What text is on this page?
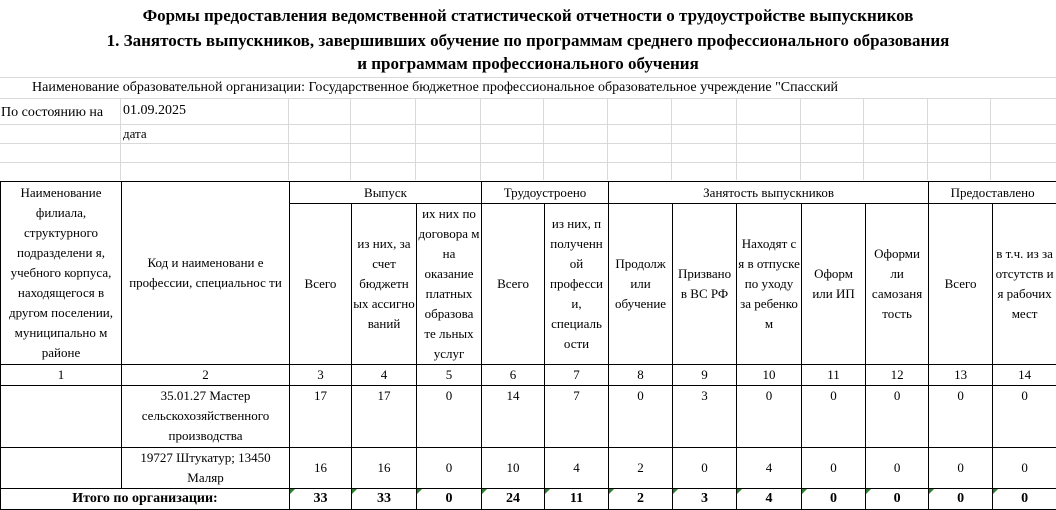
Формы предоставления ведомственной статистической отчетности о трудоустройстве выпускников
1. Занятость выпускников, завершивших обучение по программам среднего профессионального образования
и программам профессионального обучения
Наименование образовательной организации: Государственное бюджетное профессиональное образовательное учреждение "Спасский
По состоянию на 01.09.2025
дата
Наименование филиала, структурного подразделени я, учебного корпуса, находящегося в другом поселении, муниципально м районе	Код и наименовани е профессии, специальнос ти	Выпуск			Трудоустроено		Занятость выпускников					Предоставлено	
		Всего	из них, за счет бюджетн ых ассигно ваний	их них по договора м на оказание платных образова те льных услуг	Всего	из них, п полученн ой професси и, специаль ости	Продолж или обучение	Призвано в ВС РФ	Находят с я в отпуске по уходу за ребенко м	Оформ или ИП	Оформи ли самозаня тость	Всего	в т.ч. из за отсутств и я рабочих мест
1	2	3	4	5	6	7	8	9	10	11	12	13	14
	35.01.27 Мастер сельскохозяйственного производства	17	17	0	14	7	0	3	0	0	0	0	0
	19727 Штукатур; 13450 Маляр	16	16	0	10	4	2	0	4	0	0	0	0
Итого по организации:		33	33	0	24	11	2	3	4	0	0	0	0
